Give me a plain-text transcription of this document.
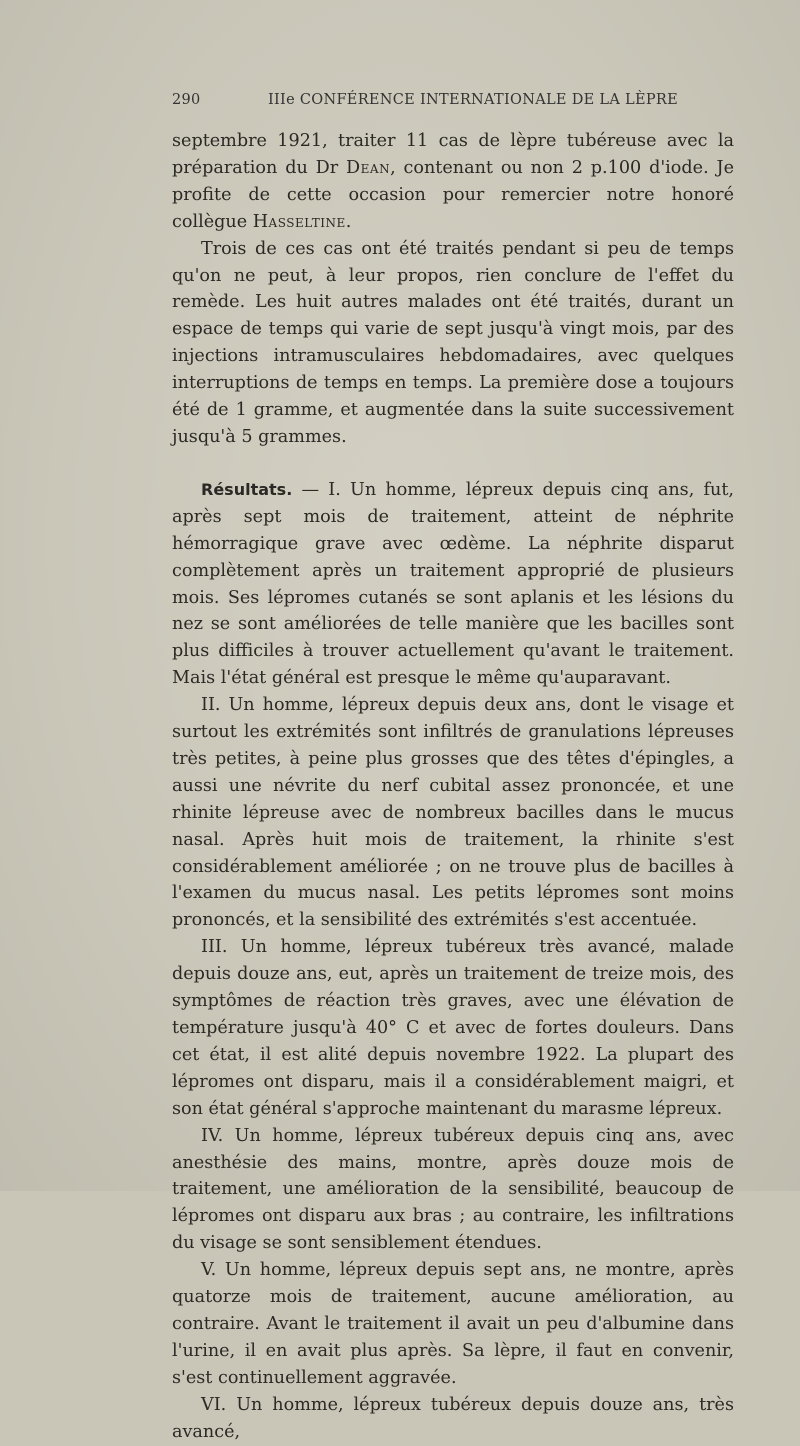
290	IIIe CONFÉRENCE INTERNATIONALE DE LA LÈPRE

septembre 1921, traiter 11 cas de lèpre tubéreuse avec la préparation du Dr Dean, contenant ou non 2 p.100 d'iode. Je profite de cette occasion pour remercier notre honoré collègue Hasseltine.

Trois de ces cas ont été traités pendant si peu de temps qu'on ne peut, à leur propos, rien conclure de l'effet du remède. Les huit autres malades ont été traités, durant un espace de temps qui varie de sept jusqu'à vingt mois, par des injections intramusculaires hebdomadaires, avec quelques interruptions de temps en temps. La première dose a toujours été de 1 gramme, et augmentée dans la suite successivement jusqu'à 5 grammes.

Résultats. — I. Un homme, lépreux depuis cinq ans, fut, après sept mois de traitement, atteint de néphrite hémorragique grave avec œdème. La néphrite disparut complètement après un traitement approprié de plusieurs mois. Ses lépromes cutanés se sont aplanis et les lésions du nez se sont améliorées de telle manière que les bacilles sont plus difficiles à trouver actuellement qu'avant le traitement. Mais l'état général est presque le même qu'auparavant.

II. Un homme, lépreux depuis deux ans, dont le visage et surtout les extrémités sont infiltrés de granulations lépreuses très petites, à peine plus grosses que des têtes d'épingles, a aussi une névrite du nerf cubital assez prononcée, et une rhinite lépreuse avec de nombreux bacilles dans le mucus nasal. Après huit mois de traitement, la rhinite s'est considérablement améliorée ; on ne trouve plus de bacilles à l'examen du mucus nasal. Les petits lépromes sont moins prononcés, et la sensibilité des extrémités s'est accentuée.

III. Un homme, lépreux tubéreux très avancé, malade depuis douze ans, eut, après un traitement de treize mois, des symptômes de réaction très graves, avec une élévation de température jusqu'à 40° C et avec de fortes douleurs. Dans cet état, il est alité depuis novembre 1922. La plupart des lépromes ont disparu, mais il a considérablement maigri, et son état général s'approche maintenant du marasme lépreux.

IV. Un homme, lépreux tubéreux depuis cinq ans, avec anesthésie des mains, montre, après douze mois de traitement, une amélioration de la sensibilité, beaucoup de lépromes ont disparu aux bras ; au contraire, les infiltrations du visage se sont sensiblement étendues.

V. Un homme, lépreux depuis sept ans, ne montre, après quatorze mois de traitement, aucune amélioration, au contraire. Avant le traitement il avait un peu d'albumine dans l'urine, il en avait plus après. Sa lèpre, il faut en convenir, s'est continuellement aggravée.

VI. Un homme, lépreux tubéreux depuis douze ans, très avancé,
